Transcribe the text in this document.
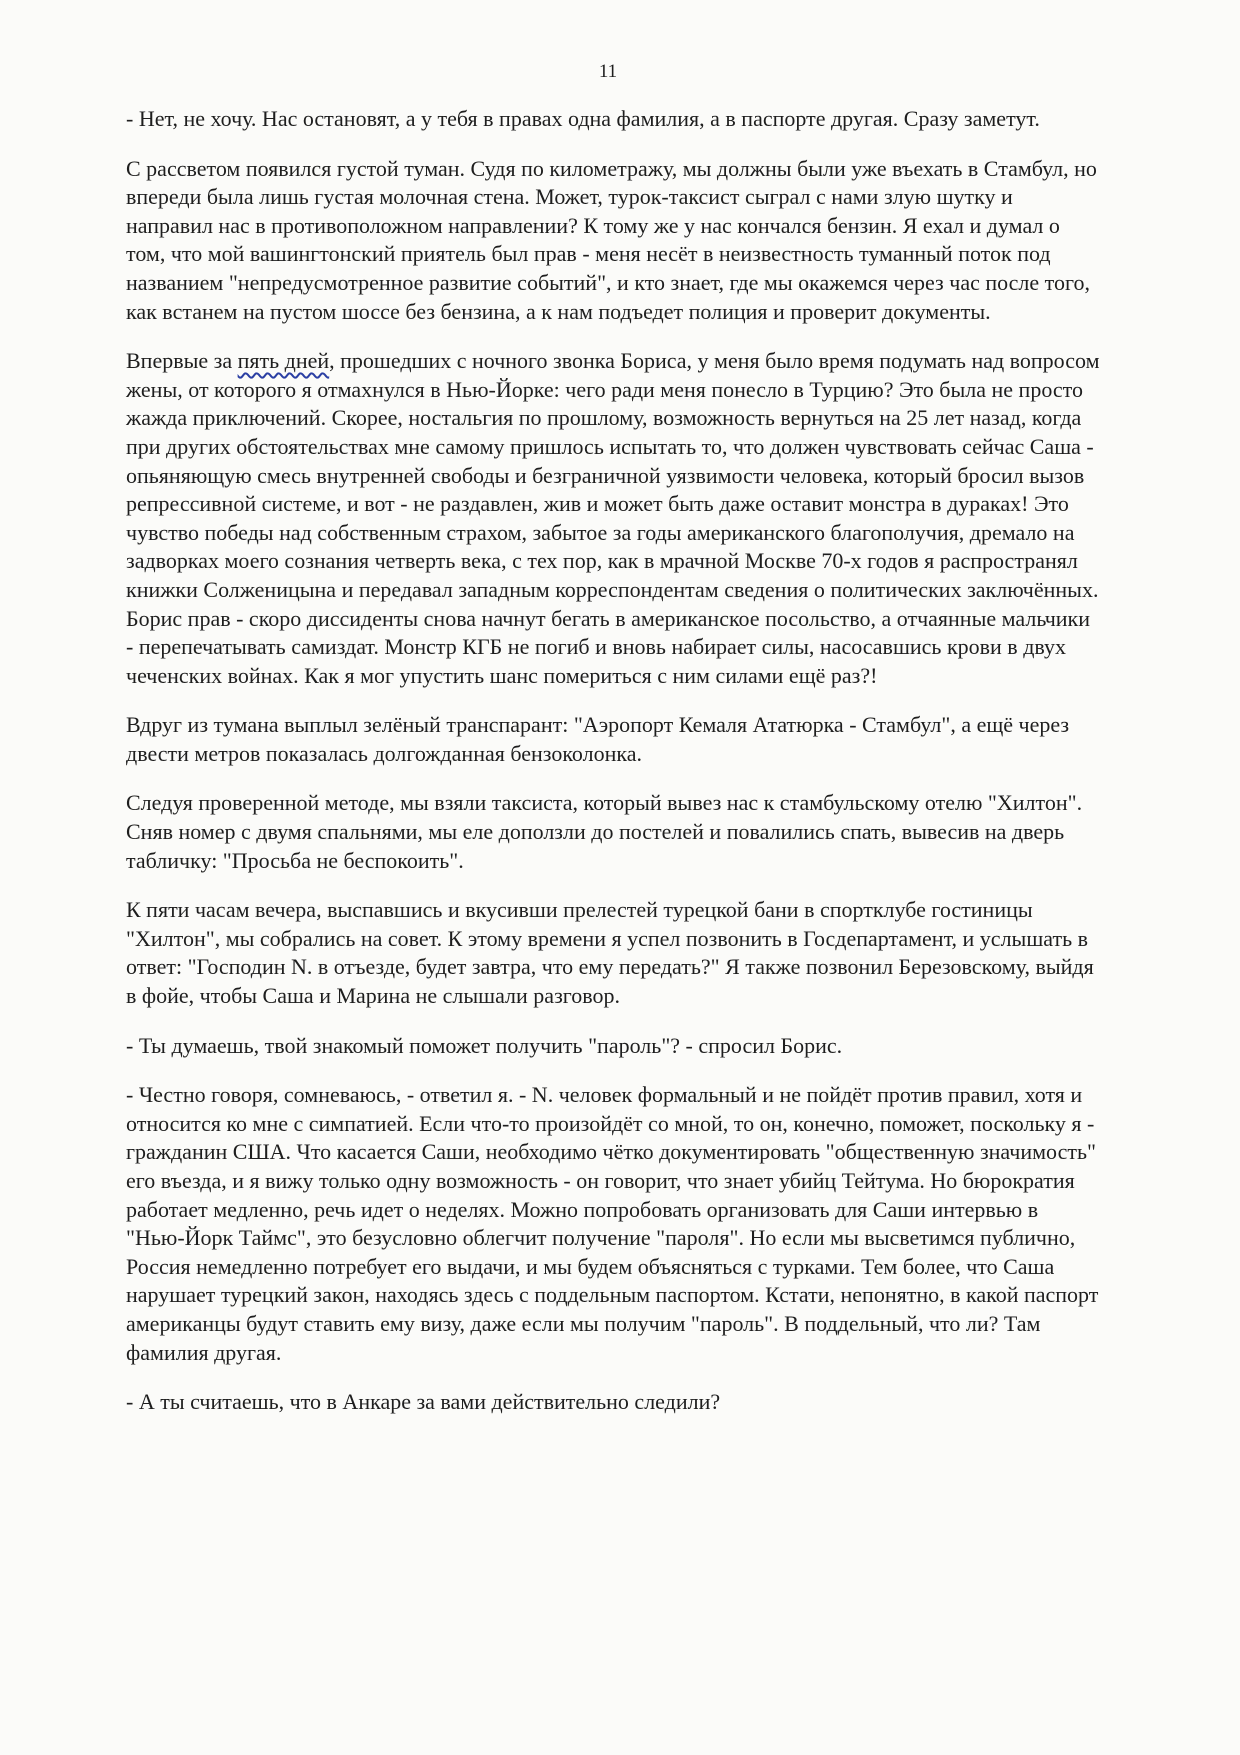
11

- Нет, не хочу. Нас остановят, а у тебя в правах одна фамилия, а в паспорте другая. Сразу заметут.

С рассветом появился густой туман. Судя по километражу, мы должны были уже въехать в Стамбул, но впереди была лишь густая молочная стена. Может, турок-таксист сыграл с нами злую шутку и направил нас в противоположном направлении? К тому же у нас кончался бензин. Я ехал и думал о том, что мой вашингтонский приятель был прав - меня несёт в неизвестность туманный поток под названием "непредусмотренное развитие событий", и кто знает, где мы окажемся через час после того, как встанем на пустом шоссе без бензина, а к нам подъедет полиция и проверит документы.

Впервые за пять дней, прошедших с ночного звонка Бориса, у меня было время подумать над вопросом жены, от которого я отмахнулся в Нью-Йорке: чего ради меня понесло в Турцию? Это была не просто жажда приключений. Скорее, ностальгия по прошлому, возможность вернуться на 25 лет назад, когда при других обстоятельствах мне самому пришлось испытать то, что должен чувствовать сейчас Саша - опьяняющую смесь внутренней свободы и безграничной уязвимости человека, который бросил вызов репрессивной системе, и вот - не раздавлен, жив и может быть даже оставит монстра в дураках! Это чувство победы над собственным страхом, забытое за годы американского благополучия, дремало на задворках моего сознания четверть века, с тех пор, как в мрачной Москве 70-х годов я распространял книжки Солженицына и передавал западным корреспондентам сведения о политических заключённых. Борис прав - скоро диссиденты снова начнут бегать в американское посольство, а отчаянные мальчики - перепечатывать самиздат. Монстр КГБ не погиб и вновь набирает силы, насосавшись крови в двух чеченских войнах. Как я мог упустить шанс помериться с ним силами ещё раз?!

Вдруг из тумана выплыл зелёный транспарант: "Аэропорт Кемаля Ататюрка - Стамбул", а ещё через двести метров показалась долгожданная бензоколонка.

Следуя проверенной методе, мы взяли таксиста, который вывез нас к стамбульскому отелю "Хилтон". Сняв номер с двумя спальнями, мы еле доползли до постелей и повалились спать, вывесив на дверь табличку: "Просьба не беспокоить".

К пяти часам вечера, выспавшись и вкусивши прелестей турецкой бани в спортклубе гостиницы "Хилтон", мы собрались на совет. К этому времени я успел позвонить в Госдепартамент, и услышать в ответ: "Господин N. в отъезде, будет завтра, что ему передать?" Я также позвонил Березовскому, выйдя в фойе, чтобы Саша и Марина не слышали разговор.

- Ты думаешь, твой знакомый поможет получить "пароль"? - спросил Борис.

- Честно говоря, сомневаюсь, - ответил я. - N. человек формальный и не пойдёт против правил, хотя и относится ко мне с симпатией. Если что-то произойдёт со мной, то он, конечно, поможет, поскольку я - гражданин США. Что касается Саши, необходимо чётко документировать "общественную значимость" его въезда, и я вижу только одну возможность - он говорит, что знает убийц Тейтума. Но бюрократия работает медленно, речь идет о неделях. Можно попробовать организовать для Саши интервью в "Нью-Йорк Таймс", это безусловно облегчит получение "пароля". Но если мы высветимся публично, Россия немедленно потребует его выдачи, и мы будем объясняться с турками. Тем более, что Саша нарушает турецкий закон, находясь здесь с поддельным паспортом. Кстати, непонятно, в какой паспорт американцы будут ставить ему визу, даже если мы получим "пароль". В поддельный, что ли? Там фамилия другая.

- А ты считаешь, что в Анкаре за вами действительно следили?
